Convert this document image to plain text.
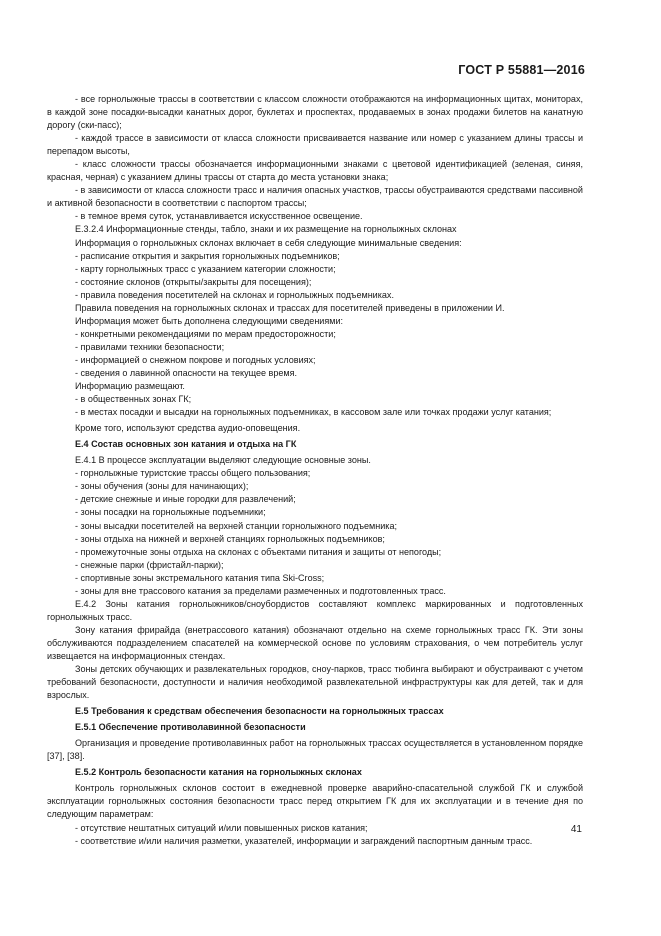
ГОСТ Р 55881—2016

- все горнолыжные трассы в соответствии с классом сложности отображаются на информационных щитах, мониторах, в каждой зоне посадки-высадки канатных дорог, буклетах и проспектах, продаваемых в зонах продажи билетов на канатную дорогу (ски-пасс);

- каждой трассе в зависимости от класса сложности присваивается название или номер с указанием длины трассы и перепадом высоты,

- класс сложности трассы обозначается информационными знаками с цветовой идентификацией (зеленая, синяя, красная, черная) с указанием длины трассы от старта до места установки знака;

- в зависимости от класса сложности трасс и наличия опасных участков, трассы обустраиваются средствами пассивной и активной безопасности в соответствии с паспортом трассы;

- в темное время суток, устанавливается искусственное освещение.

Е.3.2.4 Информационные стенды, табло, знаки и их размещение на горнолыжных склонах

Информация о горнолыжных склонах включает в себя следующие минимальные сведения:

- расписание открытия и закрытия горнолыжных подъемников;

- карту горнолыжных трасс с указанием категории сложности;

- состояние склонов (открыты/закрыты для посещения);

- правила поведения посетителей на склонах и горнолыжных подъемниках.

Правила поведения на горнолыжных склонах и трассах для посетителей приведены в приложении И.

Информация может быть дополнена следующими сведениями:

- конкретными рекомендациями по мерам предосторожности;

- правилами техники безопасности;

- информацией о снежном покрове и погодных условиях;

- сведения о лавинной опасности на текущее время.

Информацию размещают.

- в общественных зонах ГК;

- в местах посадки и высадки на горнолыжных подъемниках, в кассовом зале или точках продажи услуг катания;

Кроме того, используют средства аудио-оповещения.

Е.4 Состав основных зон катания и отдыха на ГК

Е.4.1 В процессе эксплуатации выделяют следующие основные зоны.

- горнолыжные туристские трассы общего пользования;

- зоны обучения (зоны для начинающих);

- детские снежные и иные городки для развлечений;

- зоны посадки на горнолыжные подъемники;

- зоны высадки посетителей на верхней станции горнолыжного подъемника;

- зоны отдыха на нижней и верхней станциях горнолыжных подъемников;

- промежуточные зоны отдыха на склонах с объектами питания и защиты от непогоды;

- снежные парки (фристайл-парки);

- спортивные зоны экстремального катания типа Ski-Cross;

- зоны для вне трассового катания за пределами размеченных и подготовленных трасс.

Е.4.2 Зоны катания горнолыжников/сноубордистов составляют комплекс маркированных и подготовленных горнолыжных трасс.

Зону катания фрирайда (внетрассового катания) обозначают отдельно на схеме горнолыжных трасс ГК. Эти зоны обслуживаются подразделением спасателей на коммерческой основе по условиям страхования, о чем потребитель услуг извещается на информационных стендах.

Зоны детских обучающих и развлекательных городков, сноу-парков, трасс тюбинга выбирают и обустраивают с учетом требований безопасности, доступности и наличия необходимой развлекательной инфраструктуры как для детей, так и для взрослых.

Е.5 Требования к средствам обеспечения безопасности на горнолыжных трассах

Е.5.1 Обеспечение противолавинной безопасности

Организация и проведение противолавинных работ на горнолыжных трассах осуществляется в установленном порядке [37], [38].

Е.5.2 Контроль безопасности катания на горнолыжных склонах

Контроль горнолыжных склонов состоит в ежедневной проверке аварийно-спасательной службой ГК и службой эксплуатации горнолыжных состояния безопасности трасс перед открытием ГК для их эксплуатации и в течение дня по следующим параметрам:

- отсутствие нештатных ситуаций и/или повышенных рисков катания;

- соответствие и/или наличия разметки, указателей, информации и заграждений паспортным данным трасс.

41
